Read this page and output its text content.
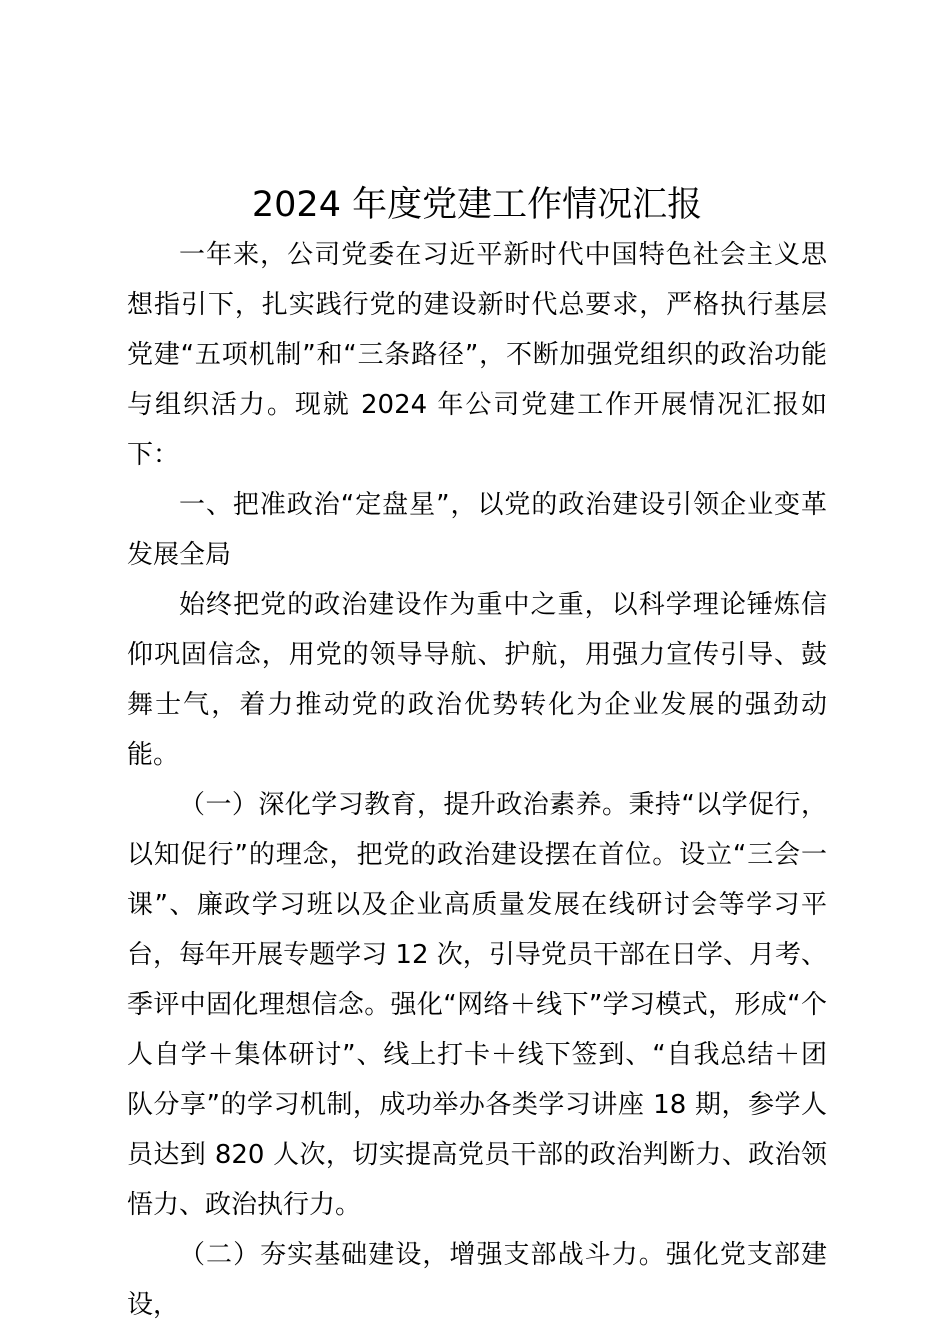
2024 年度党建工作情况汇报

一年来，公司党委在习近平新时代中国特色社会主义思想指引下，扎实践行党的建设新时代总要求，严格执行基层党建“五项机制”和“三条路径”，不断加强党组织的政治功能与组织活力。现就 2024 年公司党建工作开展情况汇报如下：

一、把准政治“定盘星”，以党的政治建设引领企业变革发展全局

始终把党的政治建设作为重中之重，以科学理论锤炼信仰巩固信念，用党的领导导航、护航，用强力宣传引导、鼓舞士气，着力推动党的政治优势转化为企业发展的强劲动能。

（一）深化学习教育，提升政治素养。秉持“以学促行，以知促行”的理念，把党的政治建设摆在首位。设立“三会一课”、廉政学习班以及企业高质量发展在线研讨会等学习平台，每年开展专题学习 12 次，引导党员干部在日学、月考、季评中固化理想信念。强化“网络＋线下”学习模式，形成“个人自学＋集体研讨”、线上打卡＋线下签到、“自我总结＋团队分享”的学习机制，成功举办各类学习讲座 18 期，参学人员达到 820 人次，切实提高党员干部的政治判断力、政治领悟力、政治执行力。

（二）夯实基础建设，增强支部战斗力。强化党支部建设，
